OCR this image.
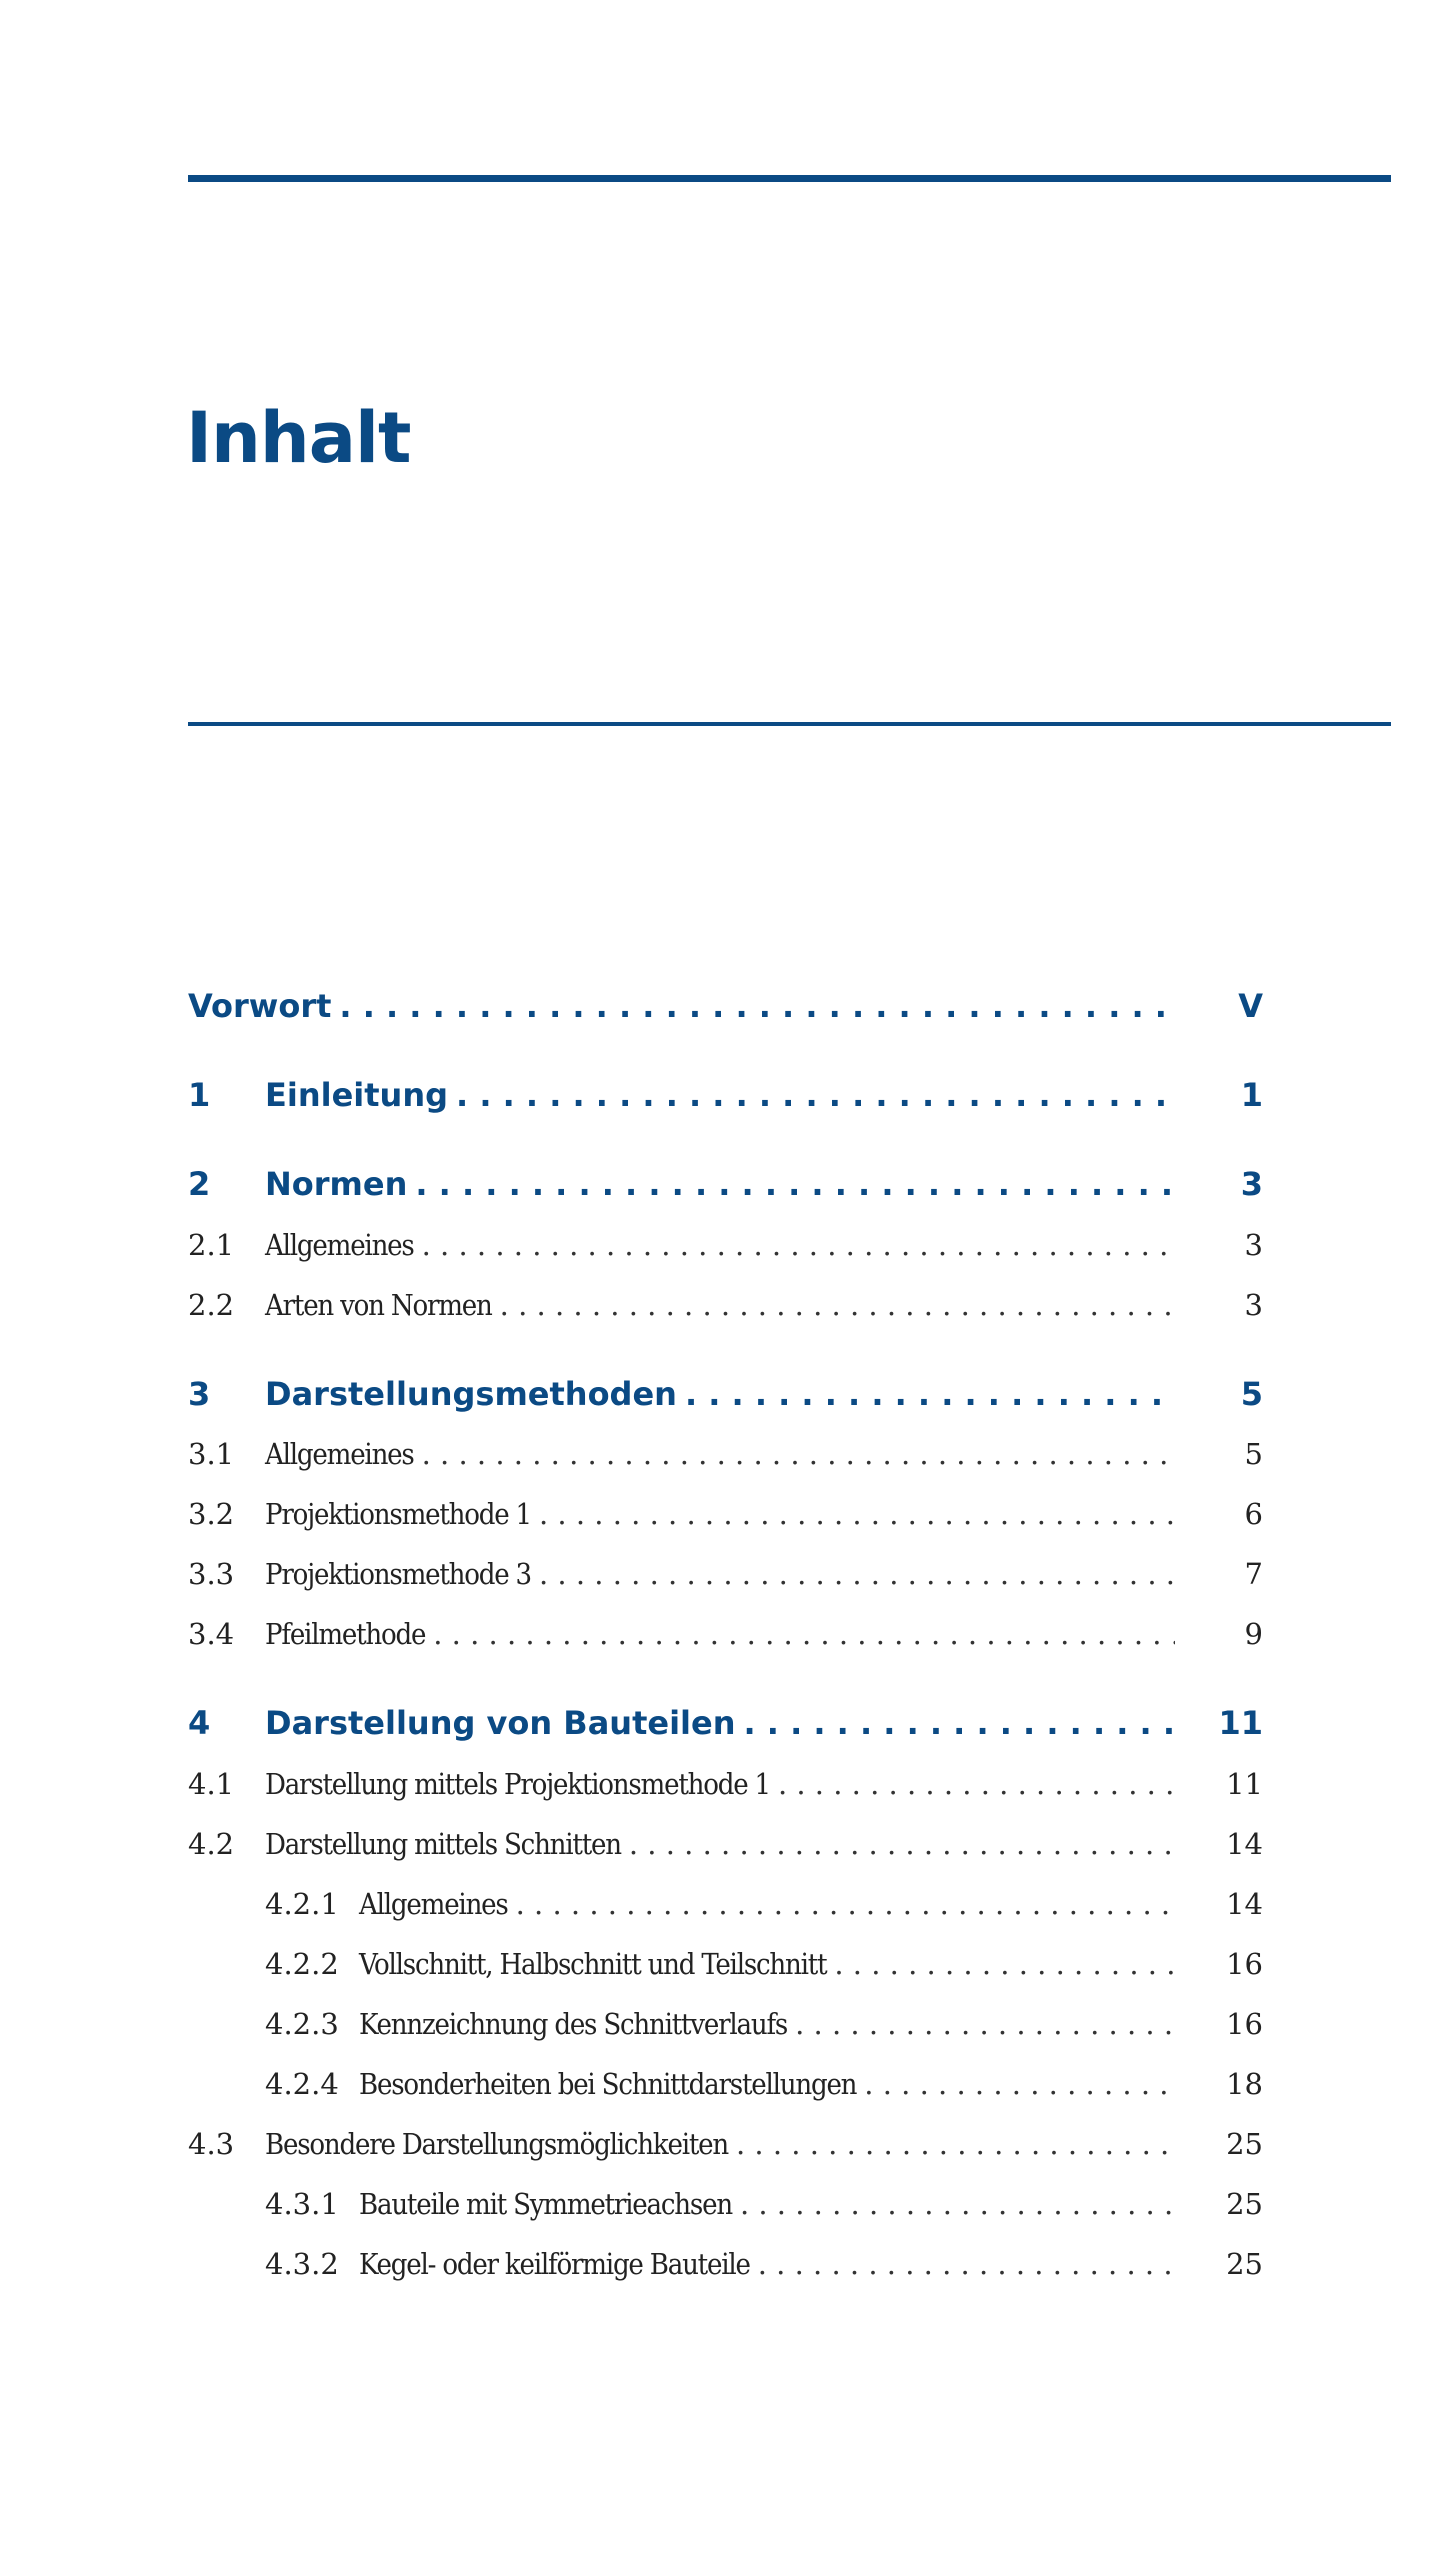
Inhalt
Vorwort . . .	V
1	Einleitung . . .	1
2	Normen . . .	3
2.1	Allgemeines . . .	3
2.2	Arten von Normen . . .	3
3	Darstellungsmethoden . . .	5
3.1	Allgemeines . . .	5
3.2	Projektionsmethode 1 . . .	6
3.3	Projektionsmethode 3 . . .	7
3.4	Pfeilmethode . . .	9
4	Darstellung von Bauteilen . . .	11
4.1	Darstellung mittels Projektionsmethode 1 . . .	11
4.2	Darstellung mittels Schnitten . . .	14
4.2.1 Allgemeines . . .	14
4.2.2 Vollschnitt, Halbschnitt und Teilschnitt . . .	16
4.2.3 Kennzeichnung des Schnittverlaufs . . .	16
4.2.4 Besonderheiten bei Schnittdarstellungen . . .	18
4.3	Besondere Darstellungsmöglichkeiten . . .	25
4.3.1 Bauteile mit Symmetrieachsen . . .	25
4.3.2 Kegel- oder keilförmige Bauteile . . .	25
